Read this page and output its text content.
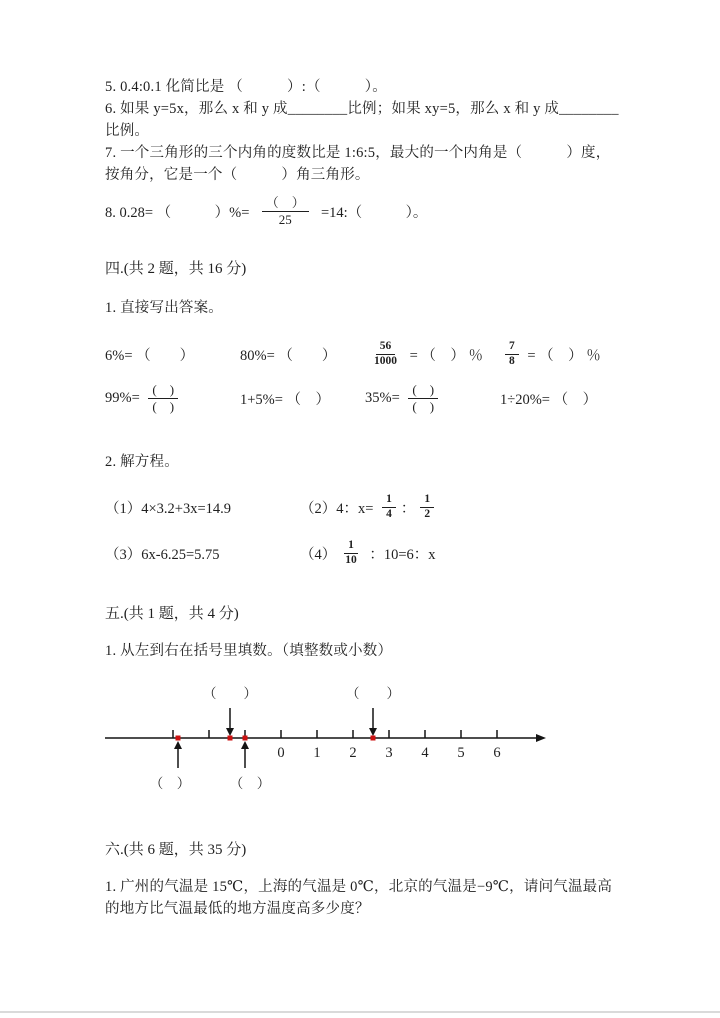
5. 0.4:0.1 化简比是 （　　　）:（　　　）。

6. 如果 y=5x，那么 x 和 y 成________比例；如果 xy=5，那么 x 和 y 成________

比例。

7. 一个三角形的三个内角的度数比是 1:6:5，最大的一个内角是（　　　）度，

按角分，它是一个（　　　）角三角形。

8. 0.28= （　　　）%= $\frac{( )}{25}$ =14:（　　　）。

四.(共 2 题，共 16 分)

1. 直接写出答案。

6%= （　　）	80%= （　　）	$\frac{56}{1000}$ = （　） ％ $\frac{7}{8}$ = （　） ％
$99\%= \frac{( )}{( )}$	1+5%= （　）	$35\%= \frac{( )}{( )}$	1÷20%= （　）

2. 解方程。

（1）4×3.2+3x=14.9	（2）4：$x= \frac{1}{4}$ ： $\frac{1}{2}$
（3）6x-6.25=5.75	$(4) \frac{1}{10}$ ：10=6：x

五.(共 1 题，共 4 分)

1. 从左到右在括号里填数。（填整数或小数）

（　　）	（　　）
0 1 2 3 4 5 6
（　）	（　）

六.(共 6 题，共 35 分)

1. 广州的气温是 15℃，上海的气温是 0℃，北京的气温是−9℃，请问气温最高

的地方比气温最低的地方温度高多少度？
